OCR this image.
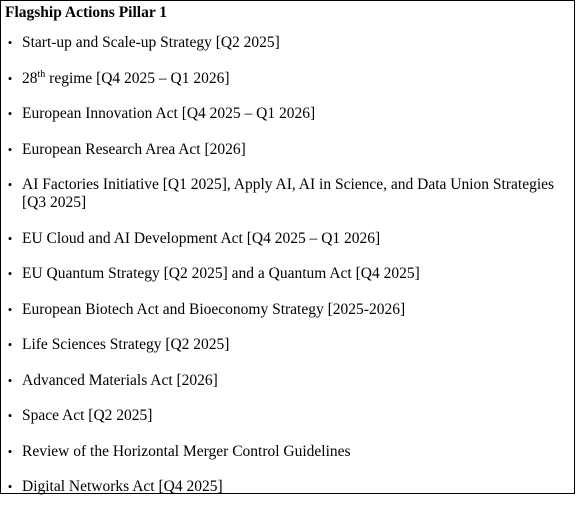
Flagship Actions Pillar 1
• Start-up and Scale-up Strategy [Q2 2025]
• 28th regime [Q4 2025 – Q1 2026]
• European Innovation Act [Q4 2025 – Q1 2026]
• European Research Area Act [2026]
• AI Factories Initiative [Q1 2025], Apply AI, AI in Science, and Data Union Strategies [Q3 2025]
• EU Cloud and AI Development Act [Q4 2025 – Q1 2026]
• EU Quantum Strategy [Q2 2025] and a Quantum Act [Q4 2025]
• European Biotech Act and Bioeconomy Strategy [2025-2026]
• Life Sciences Strategy [Q2 2025]
• Advanced Materials Act [2026]
• Space Act [Q2 2025]
• Review of the Horizontal Merger Control Guidelines
• Digital Networks Act [Q4 2025]
